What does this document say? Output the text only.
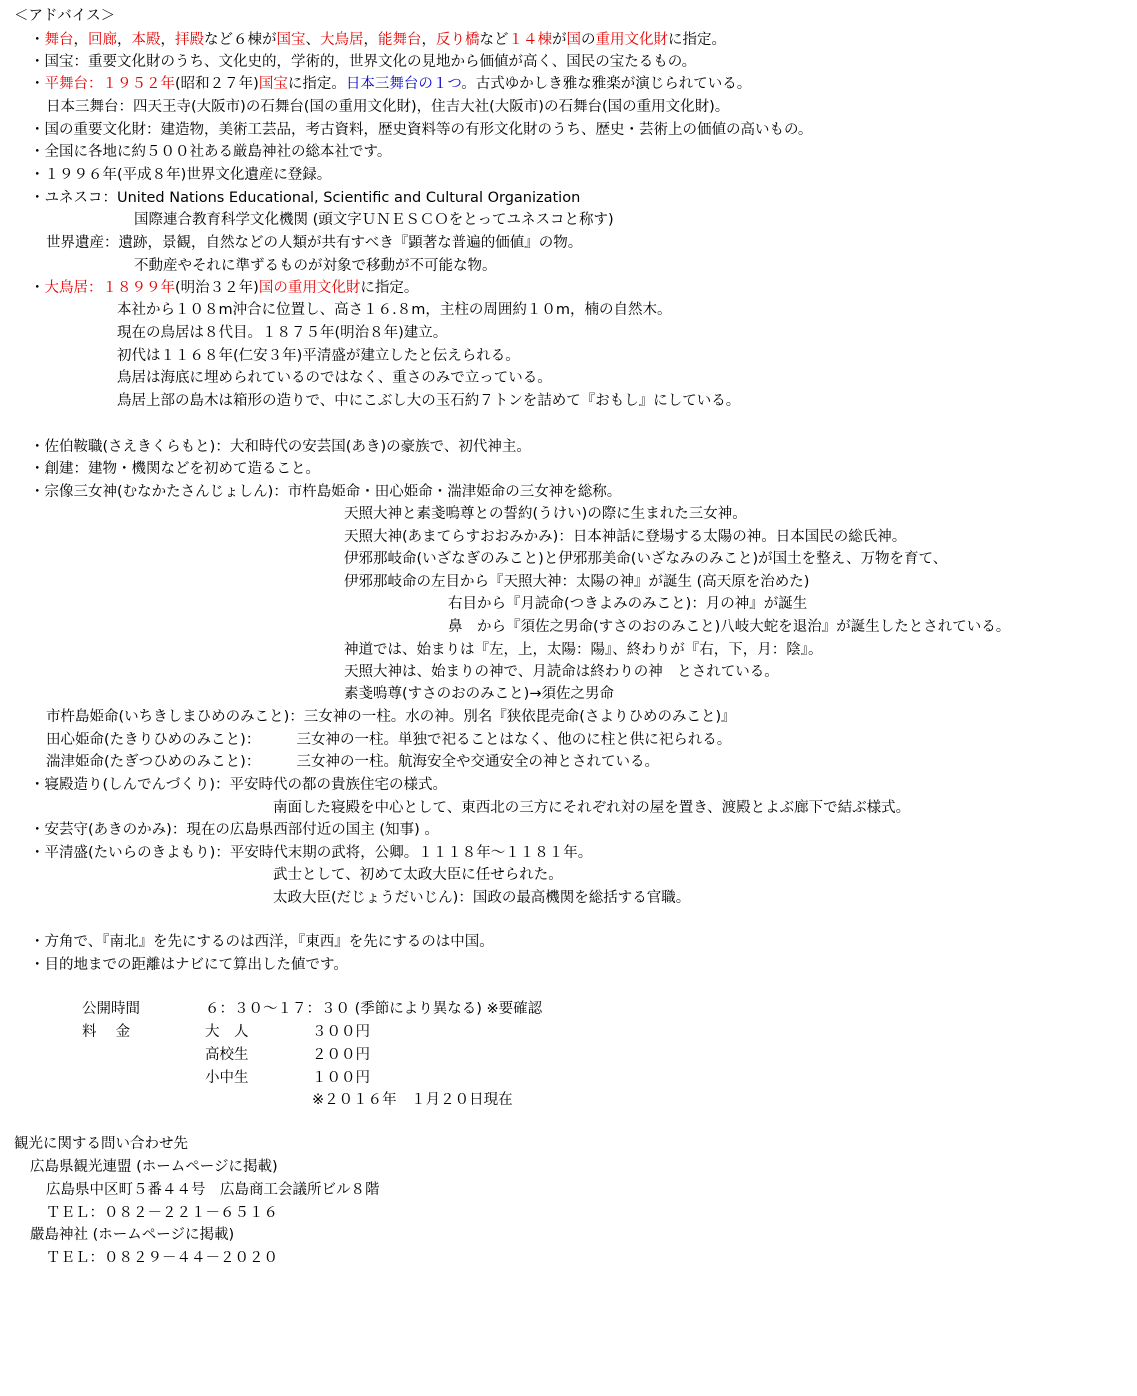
＜アドバイス＞
・舞台，回廊，本殿，拝殿など６棟が国宝、大鳥居，能舞台，反り橋など１４棟が国の重用文化財に指定。
・国宝：重要文化財のうち、文化史的，学術的，世界文化の見地から価値が高く、国民の宝たるもの。
・平舞台：１９５２年(昭和２７年)国宝に指定。日本三舞台の１つ。古式ゆかしき雅な雅楽が演じられている。
日本三舞台：四天王寺(大阪市)の石舞台(国の重用文化財)，住吉大社(大阪市)の石舞台(国の重用文化財)。
・国の重要文化財：建造物，美術工芸品，考古資料，歴史資料等の有形文化財のうち、歴史・芸術上の価値の高いもの。
・全国に各地に約５００社ある厳島神社の総本社です。
・１９９６年(平成８年)世界文化遺産に登録。
・ユネスコ：United Nations Educational, Scientific and Cultural Organization
国際連合教育科学文化機関 (頭文字ＵＮＥＳＣＯをとってユネスコと称す)
世界遺産：遺跡，景観，自然などの人類が共有すべき『顕著な普遍的価値』の物。
不動産やそれに準ずるものが対象で移動が不可能な物。
・大鳥居：１８９９年(明治３２年)国の重用文化財に指定。
本社から１０８m沖合に位置し、高さ１６.８m，主柱の周囲約１０m，楠の自然木。
現在の鳥居は８代目。１８７５年(明治８年)建立。
初代は１１６８年(仁安３年)平清盛が建立したと伝えられる。
鳥居は海底に埋められているのではなく、重さのみで立っている。
鳥居上部の島木は箱形の造りで、中にこぶし大の玉石約７トンを詰めて『おもし』にしている。
・佐伯鞍職(さえきくらもと)：大和時代の安芸国(あき)の豪族で、初代神主。
・創建：建物・機関などを初めて造ること。
・宗像三女神(むなかたさんじょしん)：市杵島姫命・田心姫命・湍津姫命の三女神を総称。
天照大神と素戔嗚尊との誓約(うけい)の際に生まれた三女神。
天照大神(あまてらすおおみかみ)：日本神話に登場する太陽の神。日本国民の総氏神。
伊邪那岐命(いざなぎのみこと)と伊邪那美命(いざなみのみこと)が国土を整え、万物を育て、
伊邪那岐命の左目から『天照大神：太陽の神』が誕生 (高天原を治めた)
右目から『月読命(つきよみのみこと)：月の神』が誕生
鼻　から『須佐之男命(すさのおのみこと)八岐大蛇を退治』が誕生したとされている。
神道では、始まりは『左，上，太陽：陽』、終わりが『右，下，月：陰』。
天照大神は、始まりの神で、月読命は終わりの神　とされている。
素戔嗚尊(すさのおのみこと)→須佐之男命
市杵島姫命(いちきしまひめのみこと)：三女神の一柱。水の神。別名『狭依毘売命(さよりひめのみこと)』
田心姫命(たきりひめのみこと)：　　　三女神の一柱。単独で祀ることはなく、他のに柱と供に祀られる。
湍津姫命(たぎつひめのみこと)：　　　三女神の一柱。航海安全や交通安全の神とされている。
・寝殿造り(しんでんづくり)：平安時代の都の貴族住宅の様式。
南面した寝殿を中心として、東西北の三方にそれぞれ対の屋を置き、渡殿とよぶ廊下で結ぶ様式。
・安芸守(あきのかみ)：現在の広島県西部付近の国主 (知事) 。
・平清盛(たいらのきよもり)：平安時代末期の武将，公卿。１１１８年～１１８１年。
武士として、初めて太政大臣に任せられた。
太政大臣(だじょうだいじん)：国政の最高機関を総括する官職。
・方角で、『南北』を先にするのは西洋，『東西』を先にするのは中国。
・目的地までの距離はナビにて算出した値です。
公開時間	６：３０～１７：３０ (季節により異なる) ※要確認
料　 金	大　人	３００円
高校生	２００円
小中生	１００円
※２０１６年　１月２０日現在
観光に関する問い合わせ先
広島県観光連盟 (ホームページに掲載)
広島県中区町５番４４号　広島商工会議所ビル８階
ＴＥＬ：０８２－２２１－６５１６
嚴島神社 (ホームページに掲載)
ＴＥＬ：０８２９－４４－２０２０
